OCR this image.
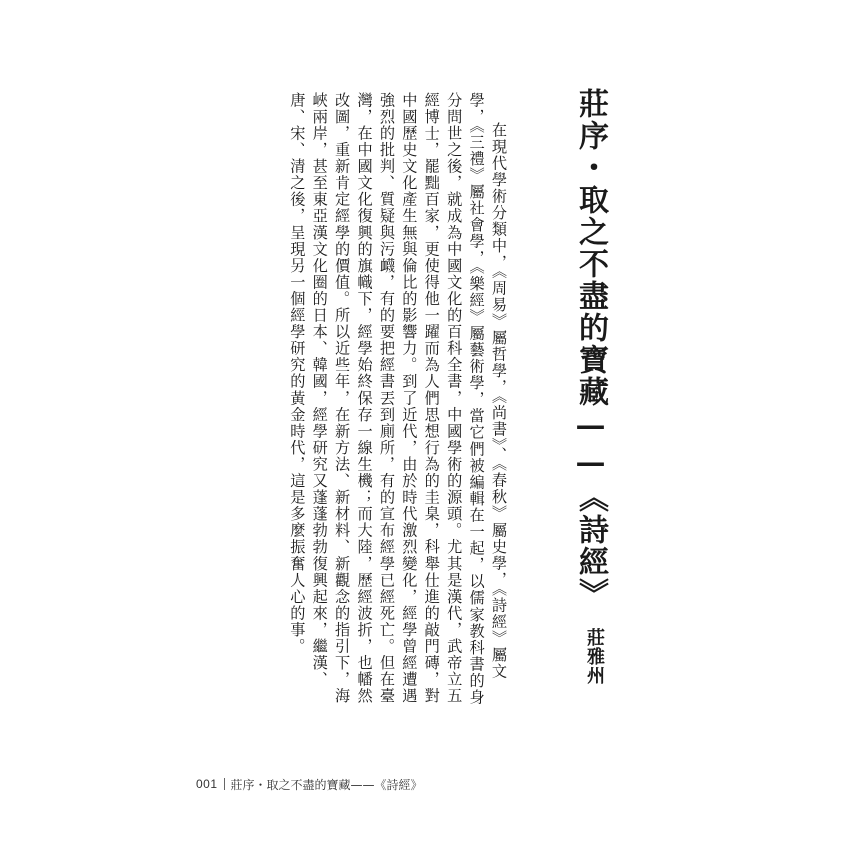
莊序・取之不盡的寶藏——《詩經》
莊雅州

在現代學術分類中，《周易》屬哲學，《尚書》、《春秋》屬史學，《詩經》屬文學，《三禮》屬社會學，《樂經》屬藝術學，當它們被編輯在一起，以儒家教科書的身分問世之後，就成為中國文化的百科全書，中國學術的源頭。尤其是漢代，武帝立五經博士，罷黜百家，更使得他一躍而為人們思想行為的圭臬，科舉仕進的敲門磚，對中國歷史文化產生無與倫比的影響力。到了近代，由於時代激烈變化，經學曾經遭遇強烈的批判、質疑與污衊，有的要把經書丟到廁所，有的宣布經學已經死亡。但在臺灣，在中國文化復興的旗幟下，經學始終保存一線生機；而大陸，歷經波折，也幡然改圖，重新肯定經學的價值。所以近些年，在新方法、新材料、新觀念的指引下，海峽兩岸，甚至東亞漢文化圈的日本、韓國，經學研究又蓬蓬勃勃復興起來，繼漢、唐、宋、清之後，呈現另一個經學研究的黃金時代，這是多麼振奮人心的事。

001 莊序・取之不盡的寶藏——《詩經》
